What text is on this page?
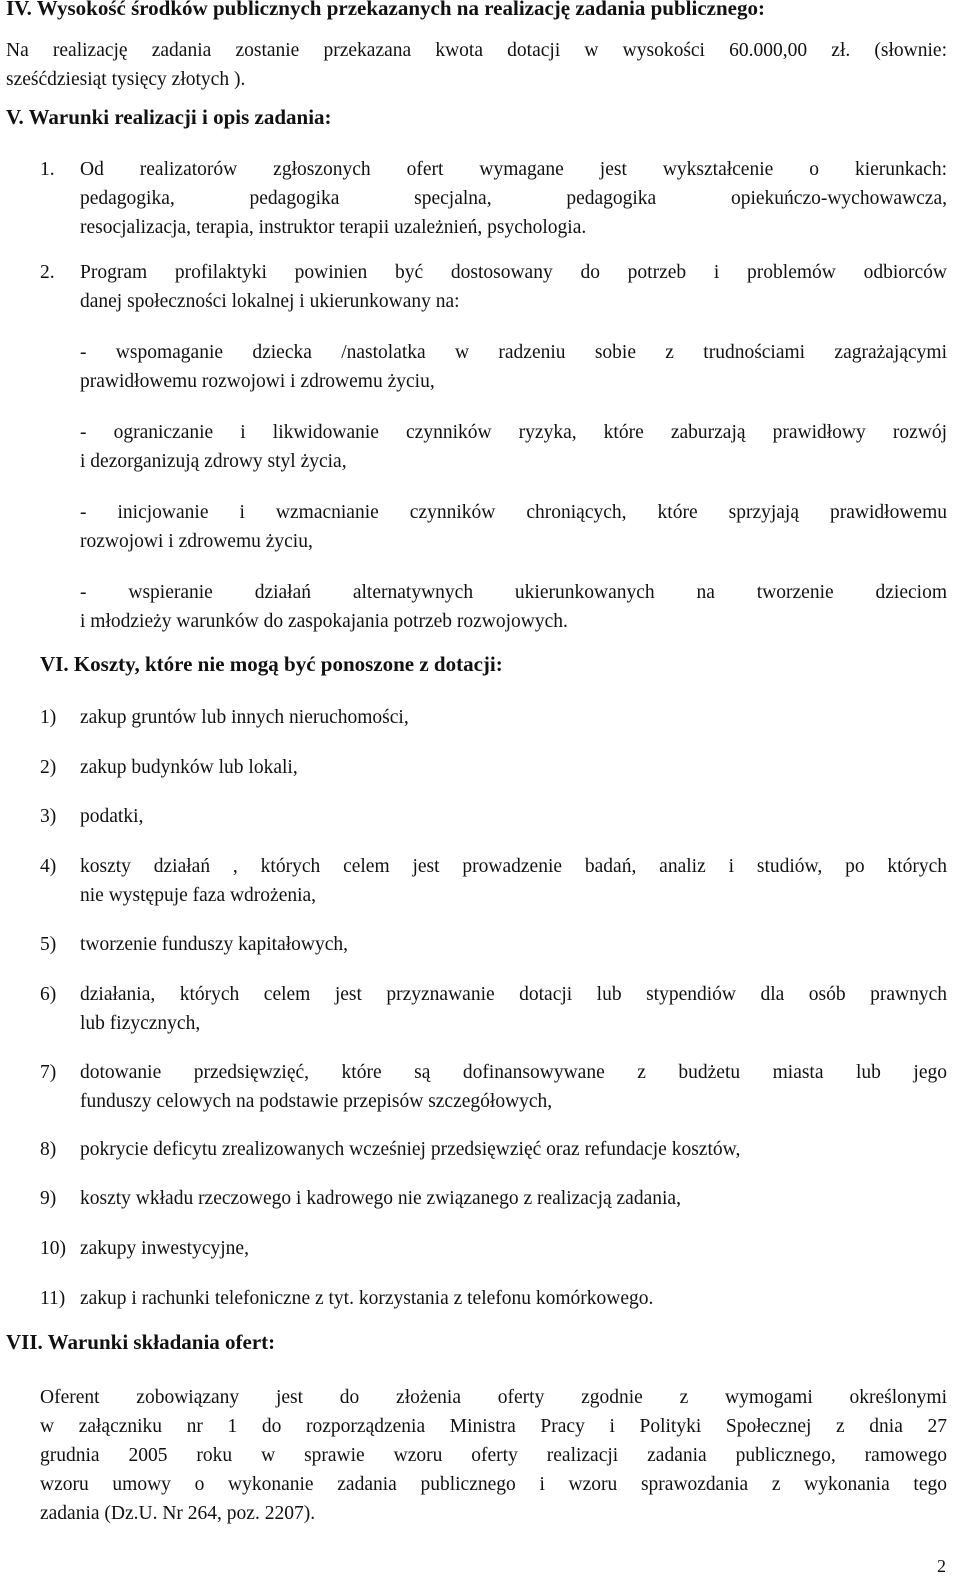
IV. Wysokość środków publicznych przekazanych na realizację zadania publicznego:
Na realizację zadania zostanie przekazana kwota dotacji w wysokości 60.000,00 zł. (słownie:
sześćdziesiąt tysięcy złotych ).
V. Warunki realizacji i opis zadania:
1. Od realizatorów zgłoszonych ofert wymagane jest wykształcenie o kierunkach:
pedagogika, pedagogika specjalna, pedagogika opiekuńczo-wychowawcza,
resocjalizacja, terapia, instruktor terapii uzależnień, psychologia.
2. Program profilaktyki powinien być dostosowany do potrzeb i problemów odbiorców
danej społeczności lokalnej i ukierunkowany na:
- wspomaganie dziecka /nastolatka w radzeniu sobie z trudnościami zagrażającymi
prawidłowemu rozwojowi i zdrowemu życiu,
- ograniczanie i likwidowanie czynników ryzyka, które zaburzają prawidłowy rozwój
i dezorganizują zdrowy styl życia,
- inicjowanie i wzmacnianie czynników chroniących, które sprzyjają prawidłowemu
rozwojowi i zdrowemu życiu,
- wspieranie działań alternatywnych ukierunkowanych na tworzenie dzieciom
i młodzieży warunków do zaspokajania potrzeb rozwojowych.
VI. Koszty, które nie mogą być ponoszone z dotacji:
1) zakup gruntów lub innych nieruchomości,
2) zakup budynków lub lokali,
3) podatki,
4) koszty działań , których celem jest prowadzenie badań, analiz i studiów, po których
nie występuje faza wdrożenia,
5) tworzenie funduszy kapitałowych,
6) działania, których celem jest przyznawanie dotacji lub stypendiów dla osób prawnych
lub fizycznych,
7) dotowanie przedsięwzięć, które są dofinansowywane z budżetu miasta lub jego
funduszy celowych na podstawie przepisów szczegółowych,
8) pokrycie deficytu zrealizowanych wcześniej przedsięwzięć oraz refundacje kosztów,
9) koszty wkładu rzeczowego i kadrowego nie związanego z realizacją zadania,
10) zakupy inwestycyjne,
11) zakup i rachunki telefoniczne z tyt. korzystania z telefonu komórkowego.
VII. Warunki składania ofert:
Oferent zobowiązany jest do złożenia oferty zgodnie z wymogami określonymi
w załączniku nr 1 do rozporządzenia Ministra Pracy i Polityki Społecznej z dnia 27
grudnia 2005 roku w sprawie wzoru oferty realizacji zadania publicznego, ramowego
wzoru umowy o wykonanie zadania publicznego i wzoru sprawozdania z wykonania tego
zadania (Dz.U. Nr 264, poz. 2207).
2
